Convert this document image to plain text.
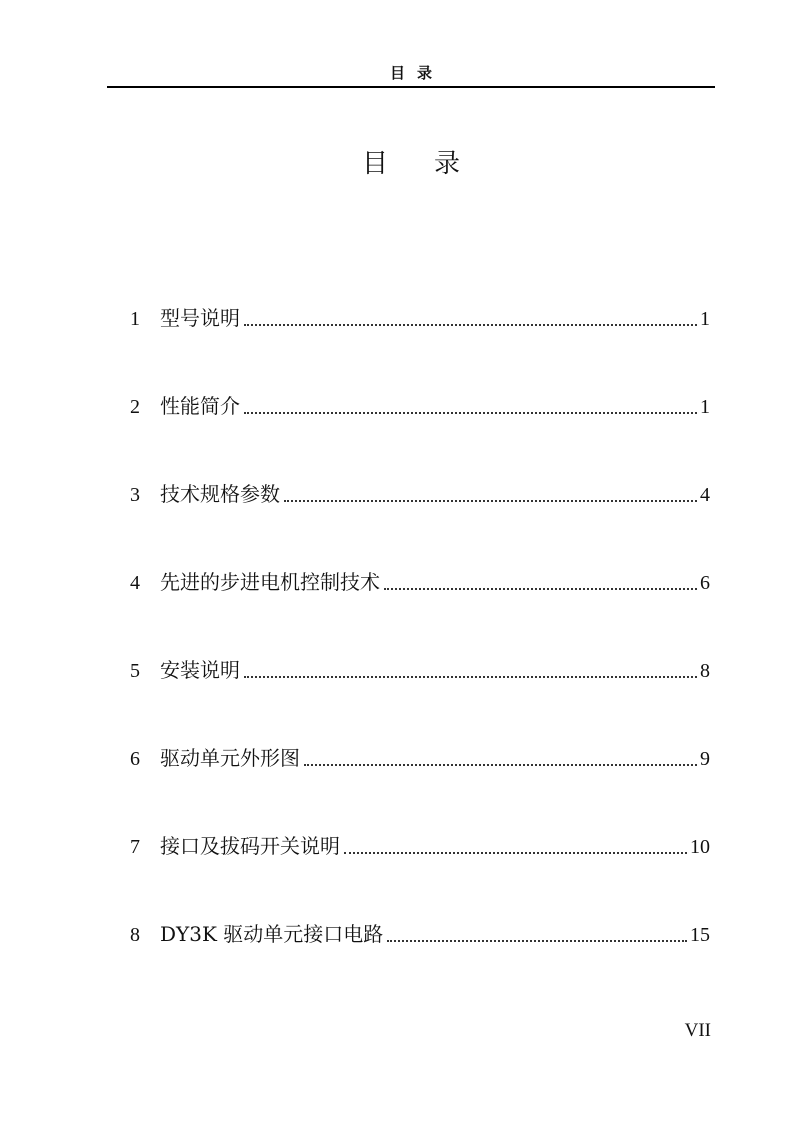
目录
目录
1 型号说明	1
2 性能简介	1
3 技术规格参数	4
4 先进的步进电机控制技术	6
5 安装说明	8
6 驱动单元外形图	9
7 接口及拔码开关说明	10
8 DY3K 驱动单元接口电路	15
VII
